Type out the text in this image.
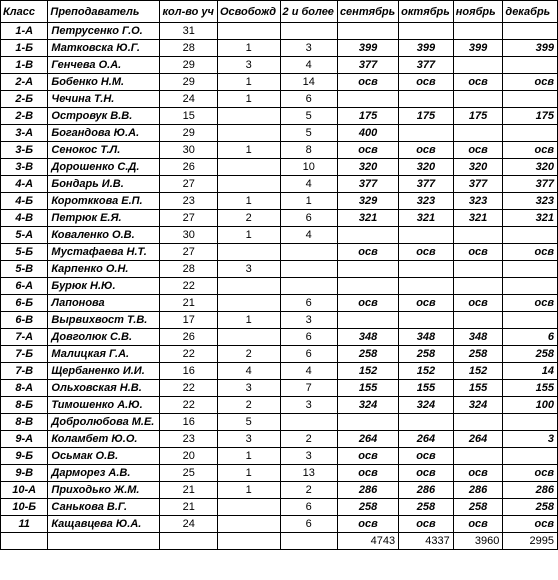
Класс	Преподаватель	кол-во уч	Освобожд	2 и более	сентябрь	октябрь	ноябрь	декабрь
1-А	Петрусенко Г.О.	31						
1-Б	Матковска Ю.Г.	28	1	3	399	399	399	399
1-В	Генчева О.А.	29	3	4	377	377		
2-А	Бобенко Н.М.	29	1	14	осв	осв	осв	осв
2-Б	Чечина Т.Н.	24	1	6				
2-В	Островук В.В.	15		5	175	175	175	175
3-А	Богандова Ю.А.	29		5	400			
3-Б	Сенокос Т.Л.	30	1	8	осв	осв	осв	осв
3-В	Дорошенко С.Д.	26		10	320	320	320	320
4-А	Бондарь И.В.	27		4	377	377	377	377
4-Б	Коротккова Е.П.	23	1	1	329	323	323	323
4-В	Петрюк Е.Я.	27	2	6	321	321	321	321
5-А	Коваленко О.В.	30	1	4				
5-Б	Мустафаева Н.Т.	27			осв	осв	осв	осв
5-В	Карпенко О.Н.	28	3					
6-А	Бурюк Н.Ю.	22						
6-Б	Лапонова	21		6	осв	осв	осв	осв
6-В	Вырвихвост Т.В.	17	1	3				
7-А	Довголюк С.В.	26		6	348	348	348	6
7-Б	Малицкая Г.А.	22	2	6	258	258	258	258
7-В	Щербаненко И.И.	16	4	4	152	152	152	14
8-А	Ольховская Н.В.	22	3	7	155	155	155	155
8-Б	Тимошенко А.Ю.	22	2	3	324	324	324	100
8-В	Добролюбова М.Е.	16	5					
9-А	Коламбет Ю.О.	23	3	2	264	264	264	3
9-Б	Осьмак О.В.	20	1	3	осв	осв		
9-В	Дарморез А.В.	25	1	13	осв	осв	осв	осв
10-А	Приходько Ж.М.	21	1	2	286	286	286	286
10-Б	Санькова В.Г.	21		6	258	258	258	258
11	Кащавцева Ю.А.	24		6	осв	осв	осв	осв
					4743	4337	3960	2995
